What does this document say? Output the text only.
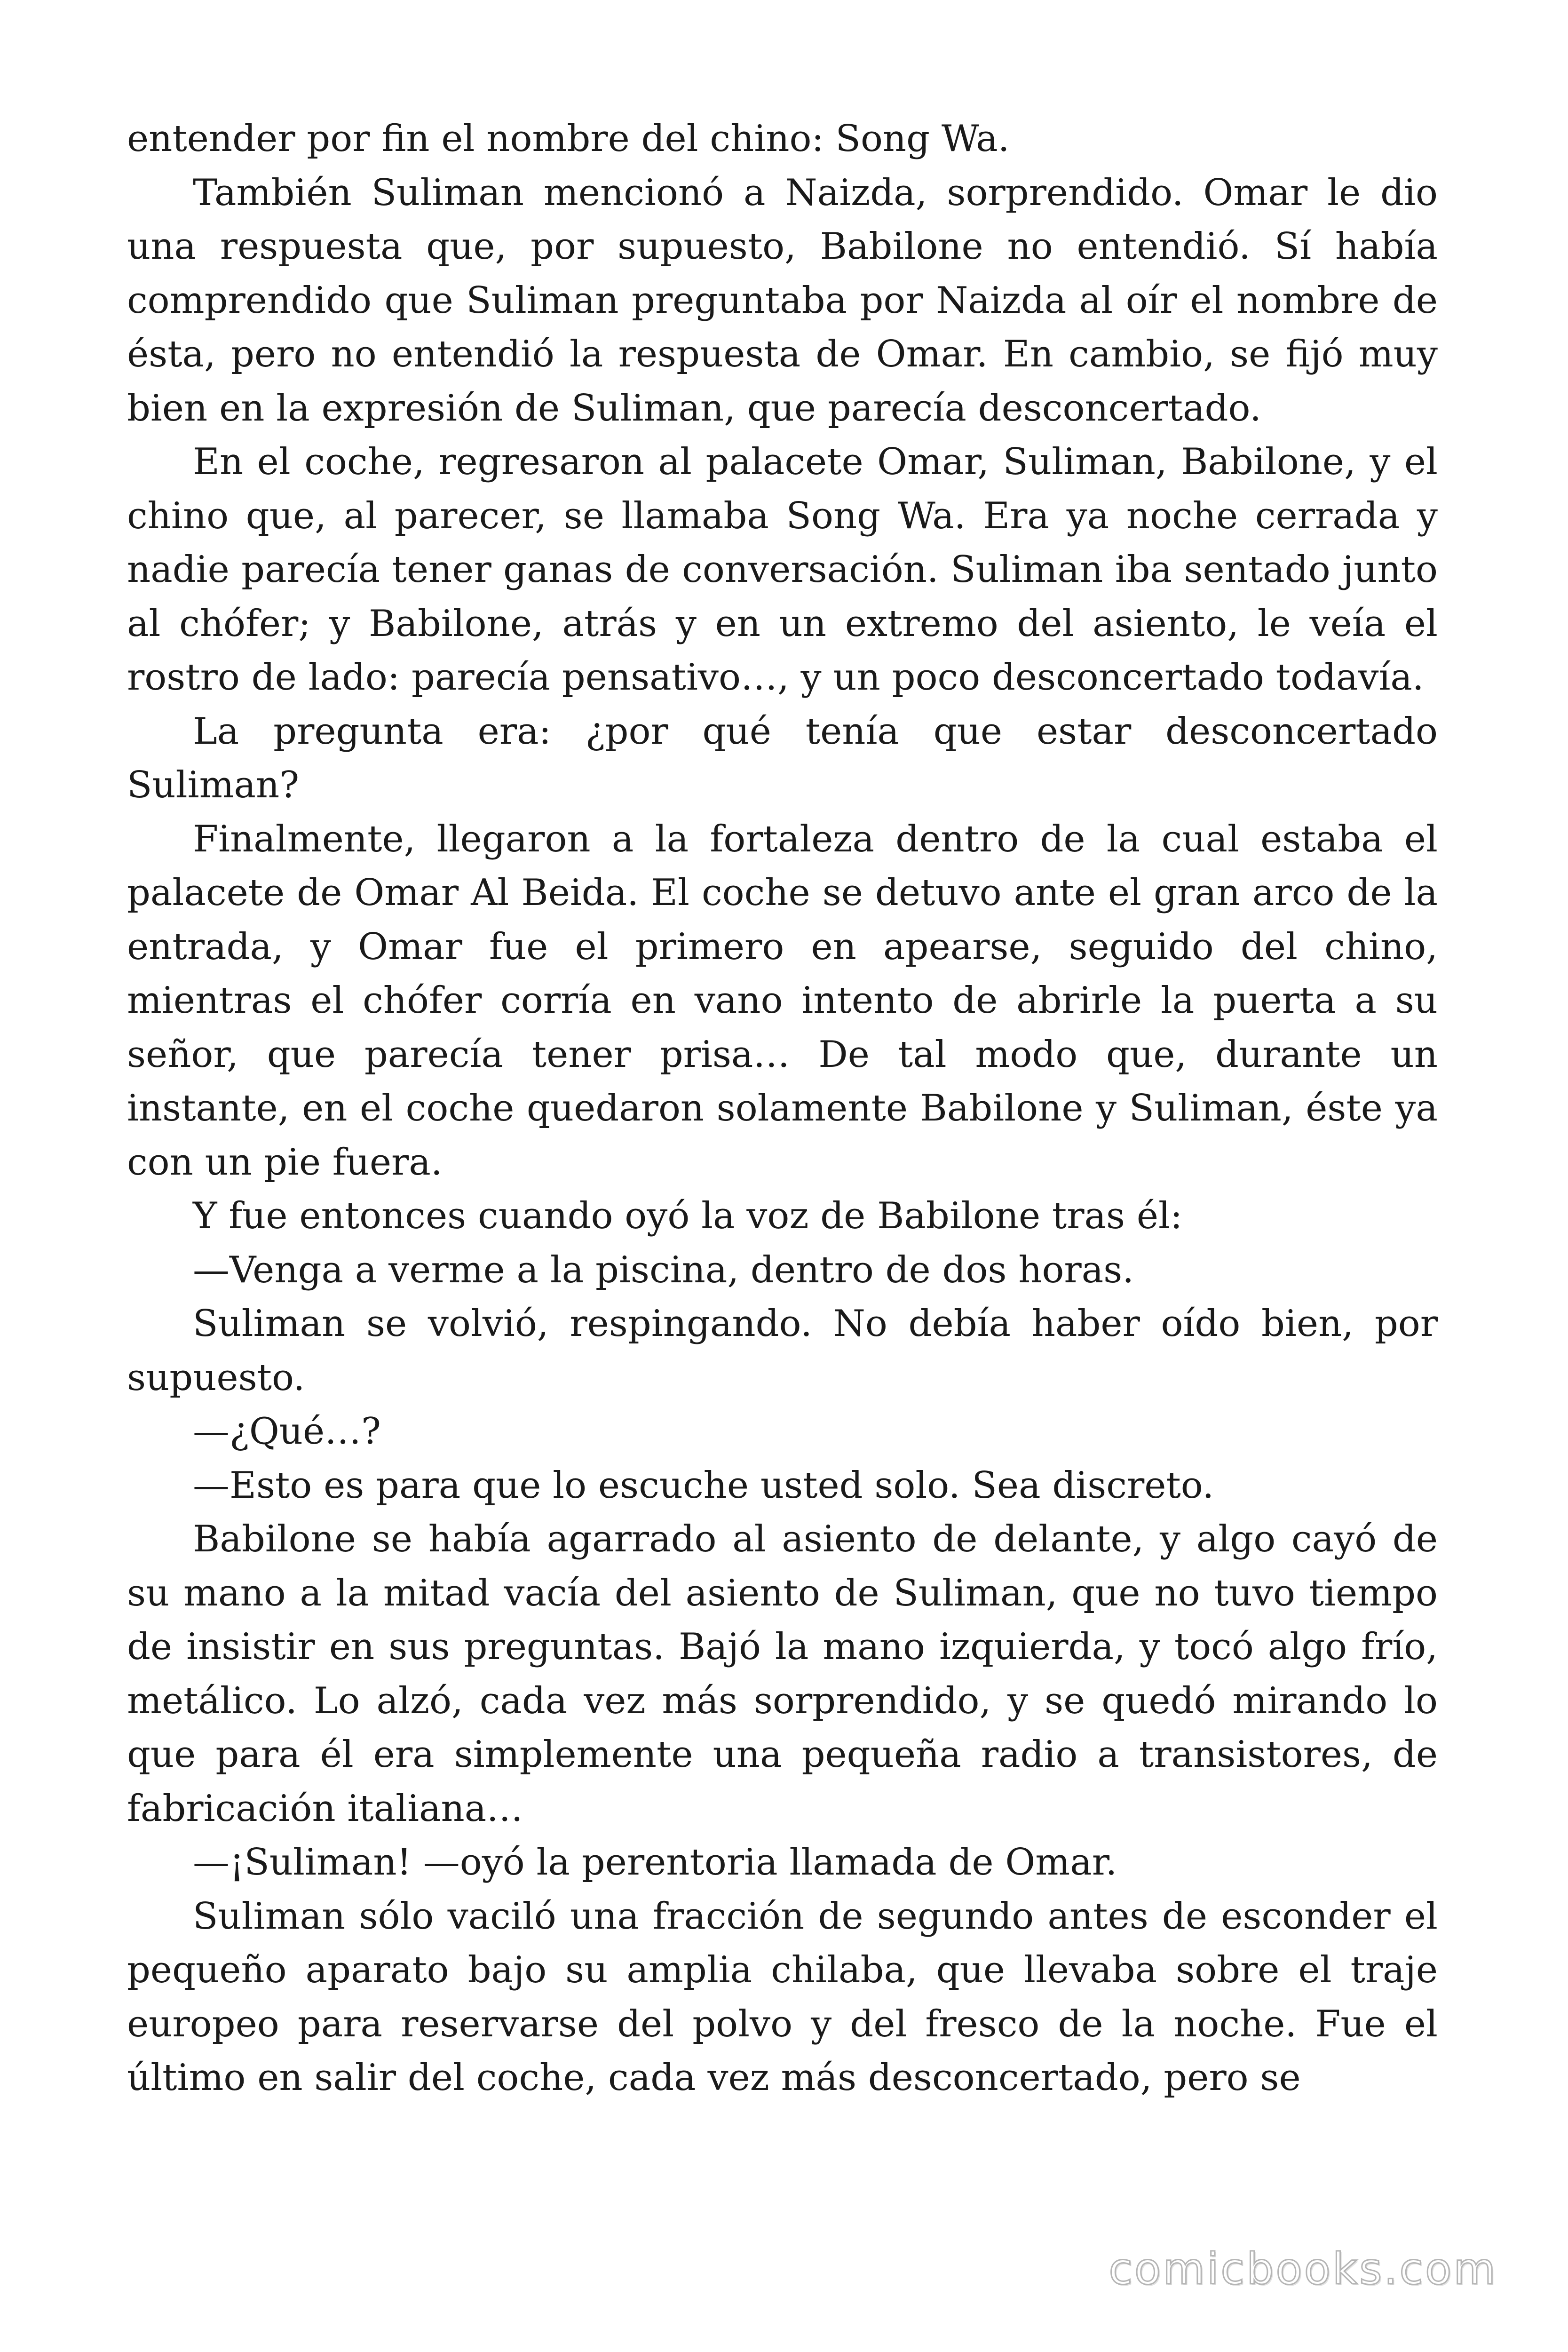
entender por fin el nombre del chino: Song Wa.

También Suliman mencionó a Naizda, sorprendido. Omar le dio una respuesta que, por supuesto, Babilone no entendió. Sí había comprendido que Suliman preguntaba por Naizda al oír el nombre de ésta, pero no entendió la respuesta de Omar. En cambio, se fijó muy bien en la expresión de Suliman, que parecía desconcertado.

En el coche, regresaron al palacete Omar, Suliman, Babilone, y el chino que, al parecer, se llamaba Song Wa. Era ya noche cerrada y nadie parecía tener ganas de conversación. Suliman iba sentado junto al chófer; y Babilone, atrás y en un extremo del asiento, le veía el rostro de lado: parecía pensativo…, y un poco desconcertado todavía.

La pregunta era: ¿por qué tenía que estar desconcertado Suliman?

Finalmente, llegaron a la fortaleza dentro de la cual estaba el palacete de Omar Al Beida. El coche se detuvo ante el gran arco de la entrada, y Omar fue el primero en apearse, seguido del chino, mientras el chófer corría en vano intento de abrirle la puerta a su señor, que parecía tener prisa… De tal modo que, durante un instante, en el coche quedaron solamente Babilone y Suliman, éste ya con un pie fuera.

Y fue entonces cuando oyó la voz de Babilone tras él:

—Venga a verme a la piscina, dentro de dos horas.

Suliman se volvió, respingando. No debía haber oído bien, por supuesto.

—¿Qué…?

—Esto es para que lo escuche usted solo. Sea discreto.

Babilone se había agarrado al asiento de delante, y algo cayó de su mano a la mitad vacía del asiento de Suliman, que no tuvo tiempo de insistir en sus preguntas. Bajó la mano izquierda, y tocó algo frío, metálico. Lo alzó, cada vez más sorprendido, y se quedó mirando lo que para él era simplemente una pequeña radio a transistores, de fabricación italiana…

—¡Suliman! —oyó la perentoria llamada de Omar.

Suliman sólo vaciló una fracción de segundo antes de esconder el pequeño aparato bajo su amplia chilaba, que llevaba sobre el traje europeo para reservarse del polvo y del fresco de la noche. Fue el último en salir del coche, cada vez más desconcertado, pero se

comicbooks.com
